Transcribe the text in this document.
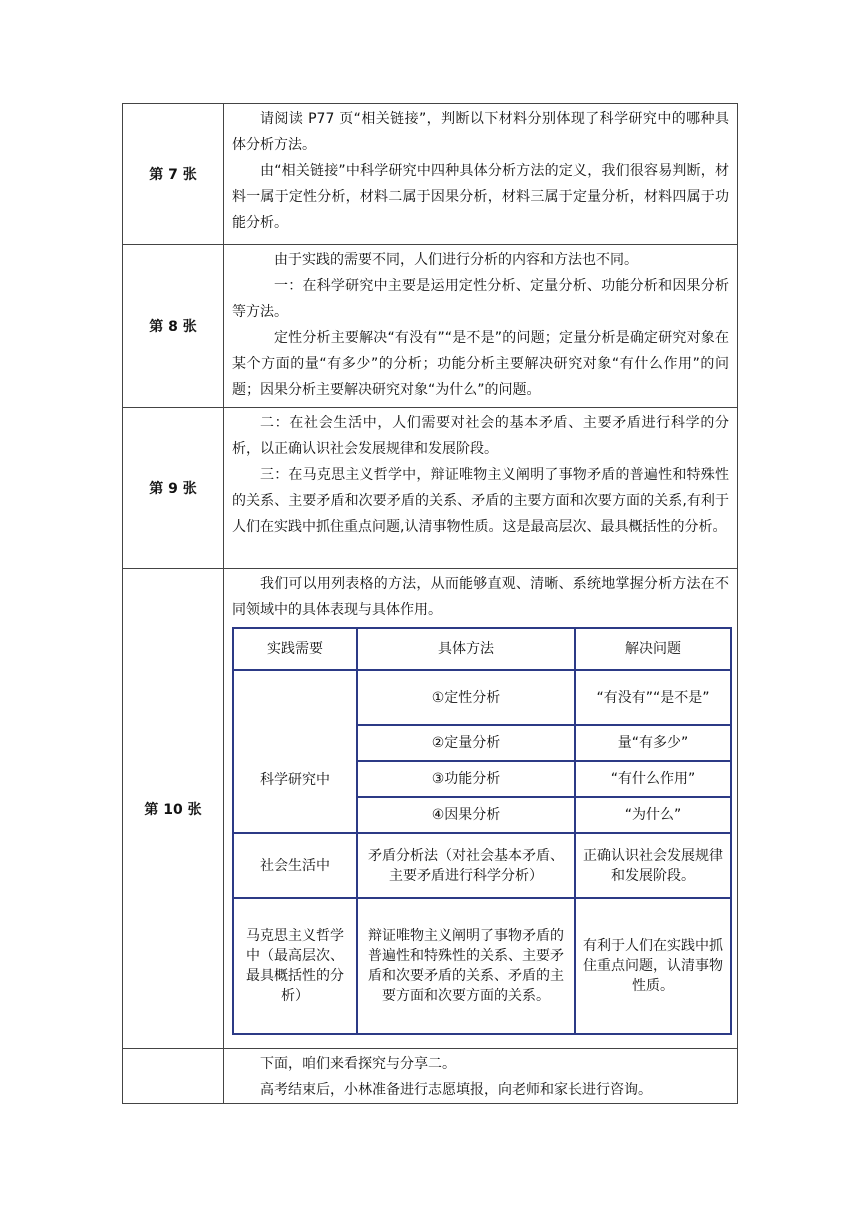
第 7 张	

请阅读 P77 页“相关链接”，判断以下材料分别体现了科学研究中的哪种具体分析方法。

由“相关链接”中科学研究中四种具体分析方法的定义，我们很容易判断，材料一属于定性分析，材料二属于因果分析，材料三属于定量分析，材料四属于功能分析。

第 8 张	

由于实践的需要不同，人们进行分析的内容和方法也不同。

一：在科学研究中主要是运用定性分析、定量分析、功能分析和因果分析等方法。

定性分析主要解决“有没有”“是不是”的问题；定量分析是确定研究对象在某个方面的量“有多少”的分析；功能分析主要解决研究对象“有什么作用”的问题；因果分析主要解决研究对象“为什么”的问题。

第 9 张	

二：在社会生活中，人们需要对社会的基本矛盾、主要矛盾进行科学的分析，以正确认识社会发展规律和发展阶段。

三：在马克思主义哲学中，辩证唯物主义阐明了事物矛盾的普遍性和特殊性的关系、主要矛盾和次要矛盾的关系、矛盾的主要方面和次要方面的关系,有利于人们在实践中抓住重点问题,认清事物性质。这是最高层次、最具概括性的分析。

第 10 张	

我们可以用列表格的方法，从而能够直观、清晰、系统地掌握分析方法在不同领域中的具体表现与具体作用。

实践需要	具体方法	解决问题
科学研究中	①定性分析	“有没有”“是不是”
②定量分析	量“有多少”
③功能分析	“有什么作用”
④因果分析	“为什么”
社会生活中	矛盾分析法（对社会基本矛盾、主要矛盾进行科学分析）	正确认识社会发展规律和发展阶段。
马克思主义哲学中（最高层次、最具概括性的分析）	辩证唯物主义阐明了事物矛盾的普遍性和特殊性的关系、主要矛盾和次要矛盾的关系、矛盾的主要方面和次要方面的关系。	有利于人们在实践中抓住重点问题，认清事物性质。

下面，咱们来看探究与分享二。

高考结束后，小林准备进行志愿填报，向老师和家长进行咨询。
